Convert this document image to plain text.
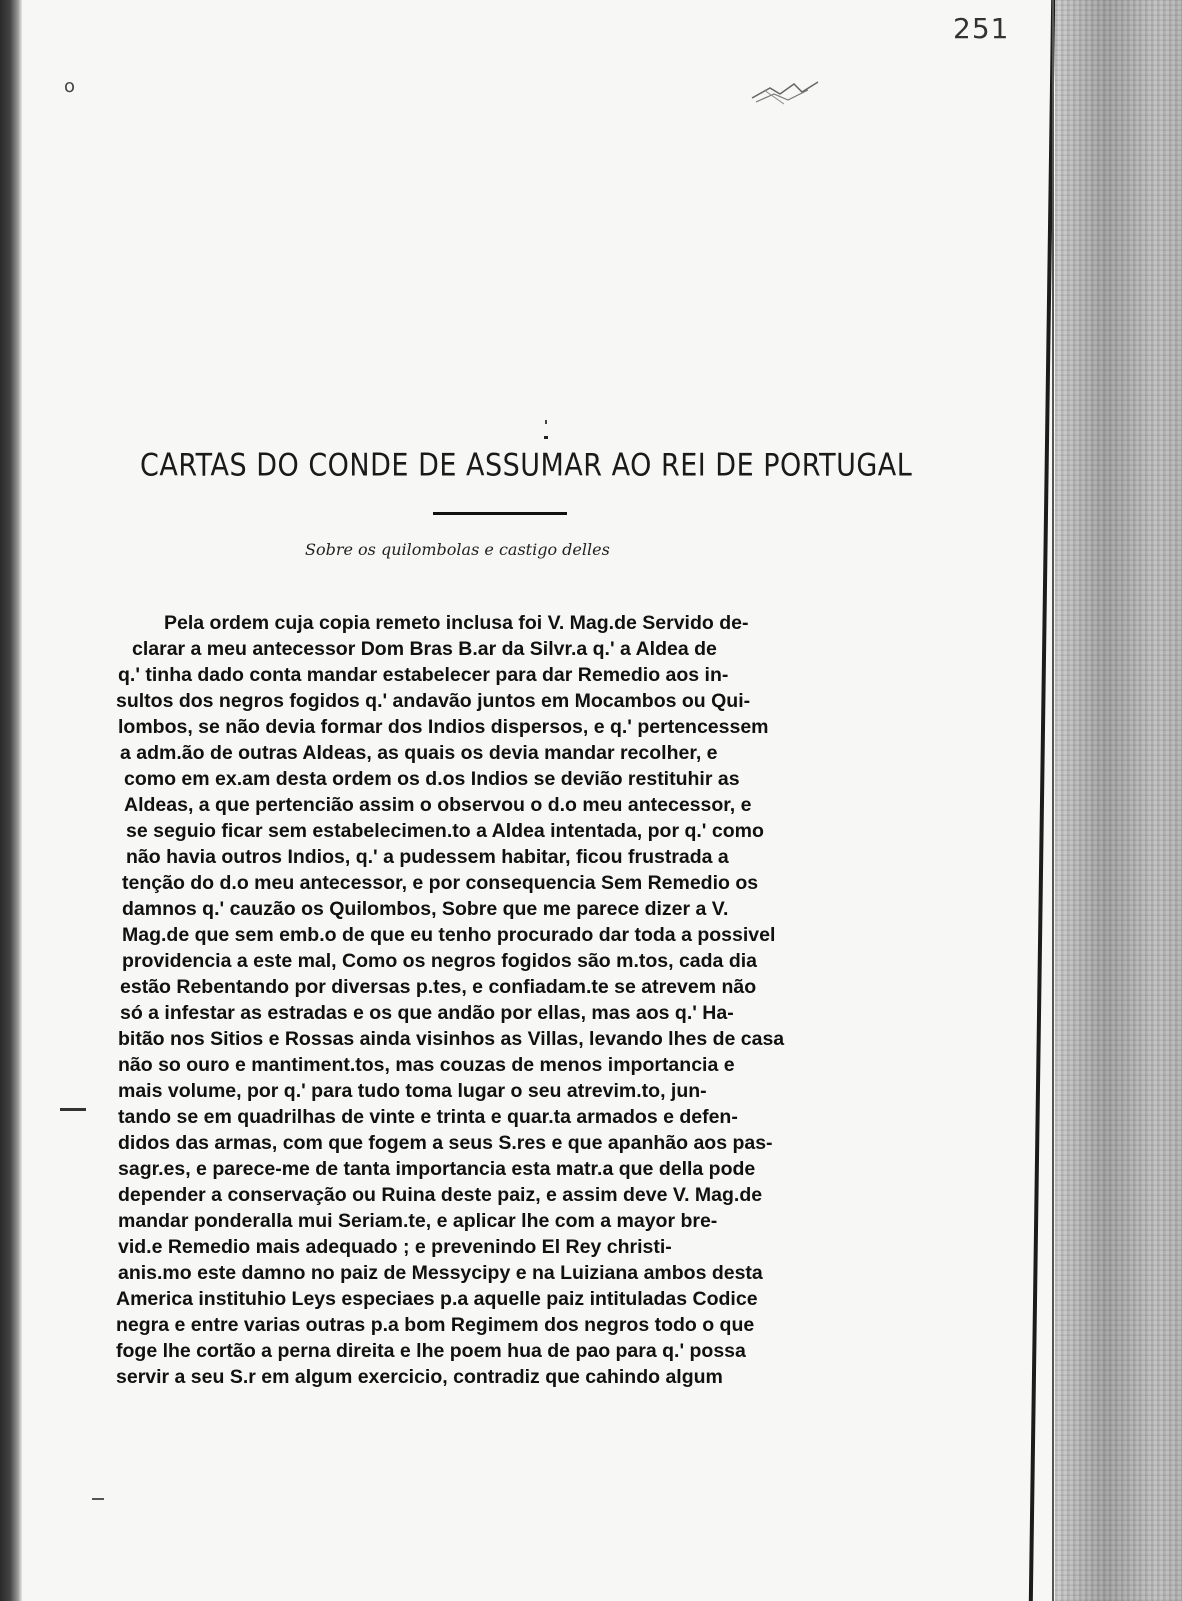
251
o
CARTAS DO CONDE DE ASSUMAR AO REI DE PORTUGAL
Sobre os quilombolas e castigo delles
Pela ordem cuja copia remeto inclusa foi V. Mag.de Servido de-
clarar a meu antecessor Dom Bras B.ar da Silvr.a q.' a Aldea de
q.' tinha dado conta mandar estabelecer para dar Remedio aos in-
sultos dos negros fogidos q.' andavão juntos em Mocambos ou Qui-
lombos, se não devia formar dos Indios dispersos, e q.' pertencessem
a adm.ão de outras Aldeas, as quais os devia mandar recolher, e
como em ex.am desta ordem os d.os Indios se devião restituhir as
Aldeas, a que pertencião assim o observou o d.o meu antecessor, e
se seguio ficar sem estabelecimen.to a Aldea intentada, por q.' como
não havia outros Indios, q.' a pudessem habitar, ficou frustrada a
tenção do d.o meu antecessor, e por consequencia Sem Remedio os
damnos q.' cauzão os Quilombos, Sobre que me parece dizer a V.
Mag.de que sem emb.o de que eu tenho procurado dar toda a possivel
providencia a este mal, Como os negros fogidos são m.tos, cada dia
estão Rebentando por diversas p.tes, e confiadam.te se atrevem não
só a infestar as estradas e os que andão por ellas, mas aos q.' Ha-
bitão nos Sitios e Rossas ainda visinhos as Villas, levando lhes de casa
não so ouro e mantiment.tos, mas couzas de menos importancia e
mais volume, por q.' para tudo toma lugar o seu atrevim.to, jun-
tando se em quadrilhas de vinte e trinta e quar.ta armados e defen-
didos das armas, com que fogem a seus S.res e que apanhão aos pas-
sagr.es, e parece-me de tanta importancia esta matr.a que della pode
depender a conservação ou Ruina deste paiz, e assim deve V. Mag.de
mandar ponderalla mui Seriam.te, e aplicar lhe com a mayor bre-
vid.e Remedio mais adequado ; e prevenindo El Rey christi-
anis.mo este damno no paiz de Messycipy e na Luiziana ambos desta
America instituhio Leys especiaes p.a aquelle paiz intituladas Codice
negra e entre varias outras p.a bom Regimem dos negros todo o que
foge lhe cortão a perna direita e lhe poem hua de pao para q.' possa
servir a seu S.r em algum exercicio, contradiz que cahindo algum
